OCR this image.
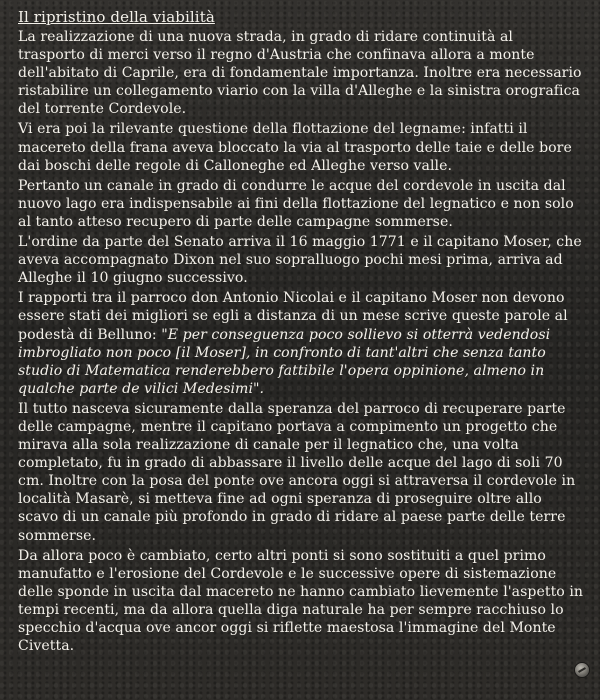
Il ripristino della viabilità

La realizzazione di una nuova strada, in grado di ridare continuità al trasporto di merci verso il regno d'Austria che confinava allora a monte dell'abitato di Caprile, era di fondamentale importanza. Inoltre era necessario ristabilire un collegamento viario con la villa d'Alleghe e la sinistra orografica del torrente Cordevole.

Vi era poi la rilevante questione della flottazione del legname: infatti il macereto della frana aveva bloccato la via al trasporto delle taie e delle bore dai boschi delle regole di Calloneghe ed Alleghe verso valle.

Pertanto un canale in grado di condurre le acque del cordevole in uscita dal nuovo lago era indispensabile ai fini della flottazione del legnatico e non solo al tanto atteso recupero di parte delle campagne sommerse.

L'ordine da parte del Senato arriva il 16 maggio 1771 e il capitano Moser, che aveva accompagnato Dixon nel suo sopralluogo pochi mesi prima, arriva ad Alleghe il 10 giugno successivo.

I rapporti tra il parroco don Antonio Nicolai e il capitano Moser non devono essere stati dei migliori se egli a distanza di un mese scrive queste parole al podestà di Belluno: "E per conseguenza poco sollievo si otterrà vedendosi imbrogliato non poco [il Moser], in confronto di tant'altri che senza tanto studio di Matematica renderebbero fattibile l'opera oppinione, almeno in qualche parte de vilici Medesimi".

Il tutto nasceva sicuramente dalla speranza del parroco di recuperare parte delle campagne, mentre il capitano portava a compimento un progetto che mirava alla sola realizzazione di canale per il legnatico che, una volta completato, fu in grado di abbassare il livello delle acque del lago di soli 70 cm. Inoltre con la posa del ponte ove ancora oggi si attraversa il cordevole in località Masarè, si metteva fine ad ogni speranza di proseguire oltre allo scavo di un canale più profondo in grado di ridare al paese parte delle terre sommerse.

Da allora poco è cambiato, certo altri ponti si sono sostituiti a quel primo manufatto e l'erosione del Cordevole e le successive opere di sistemazione delle sponde in uscita dal macereto ne hanno cambiato lievemente l'aspetto in tempi recenti, ma da allora quella diga naturale ha per sempre racchiuso lo specchio d'acqua ove ancor oggi si riflette maestosa l'immagine del Monte Civetta.
